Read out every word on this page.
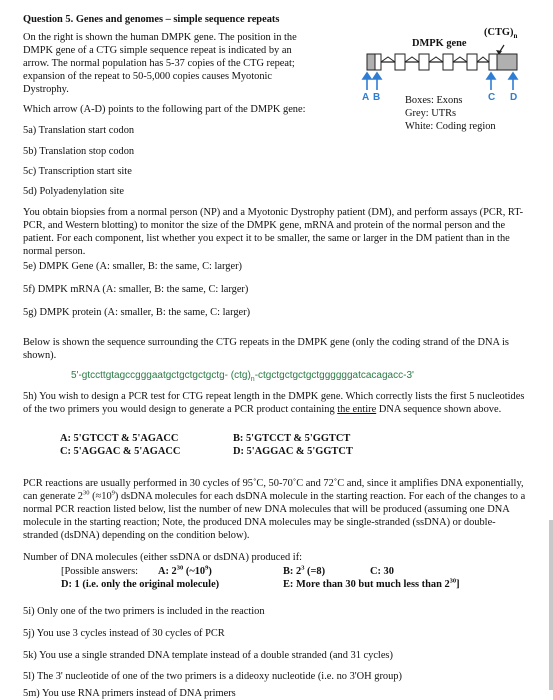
Question 5. Genes and genomes – simple sequence repeats
On the right is shown the human DMPK gene. The position in the
DMPK gene of a CTG simple sequence repeat is indicated by an
arrow. The normal population has 5-37 copies of the CTG repeat;
expansion of the repeat to 50-5,000 copies causes Myotonic
Dystrophy.
Which arrow (A-D) points to the following part of the DMPK gene:
5a) Translation start codon
5b) Translation stop codon
5c) Transcription start site
5d) Polyadenylation site
DMPK gene
$(CTG)_n$
A B	C D
Boxes: Exons
Grey: UTRs
White: Coding region
You obtain biopsies from a normal person (NP) and a Myotonic Dystrophy patient (DM), and perform assays (PCR, RT-PCR, and Western blotting) to monitor the size of the DMPK gene, mRNA and protein of the normal person and the patient. For each component, list whether you expect it to be smaller, the same or larger in the DM patient than in the normal person.
5e) DMPK Gene (A: smaller, B: the same, C: larger)
5f) DMPK mRNA (A: smaller, B: the same, C: larger)
5g) DMPK protein (A: smaller, B: the same, C: larger)
Below is shown the sequence surrounding the CTG repeats in the DMPK gene (only the coding strand of the DNA is shown).
5'-gtccttgtagccgggaatgctgctgctgctg- $(ctg)_n-ctgctgctgctgctggggggatcacagacc-3'$
5h) You wish to design a PCR test for CTG repeat length in the DMPK gene. Which correctly lists the first 5 nucleotides of the two primers you would design to generate a PCR product containing the entire DNA sequence shown above.
A: 5'GTCCT & 5'AGACC	B: 5'GTCCT & 5'GGTCT
C: 5'AGGAC & 5'AGACC	D: 5'AGGAC & 5'GGTCT
PCR reactions are usually performed in 30 cycles of 95˚C, 50-70˚C and 72˚C and, since it amplifies DNA exponentially, can generate $2^{30}$ $(\approx 10^9)$ dsDNA molecules for each dsDNA molecule in the starting reaction. For each of the changes to a normal PCR reaction listed below, list the number of new DNA molecules that will be produced (assuming one DNA molecule in the starting reaction; Note, the produced DNA molecules may be single-stranded (ssDNA) or double-stranded (dsDNA) depending on the condition below).
Number of DNA molecules (either ssDNA or dsDNA) produced if:
[Possible answers: A: $2^{30}$ $(\sim 10^9)$	B: $2^3$ (=8)	C: 30
D: 1 (i.e. only the original molecule)	E: More than 30 but much less than $2^{30}$]
5i) Only one of the two primers is included in the reaction
5j) You use 3 cycles instead of 30 cycles of PCR
5k) You use a single stranded DNA template instead of a double stranded (and 31 cycles)
5l) The 3' nucleotide of one of the two primers is a dideoxy nucleotide (i.e. no 3'OH group)
5m) You use RNA primers instead of DNA primers
